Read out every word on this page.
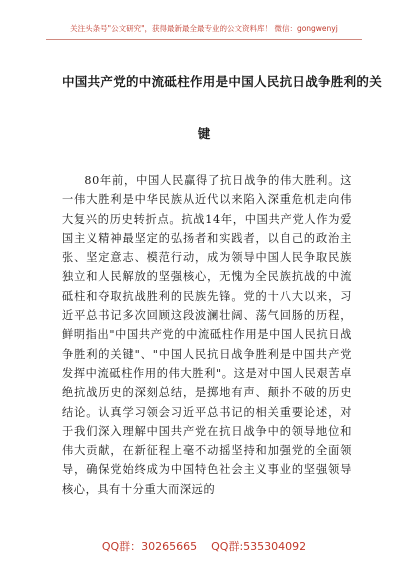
关注头条号"公文研究"，获得最新最全最专业的公文资料库！ 微信：gongwenyj
中国共产党的中流砥柱作用是中国人民抗日战争胜利的关
键

80年前，中国人民赢得了抗日战争的伟大胜利。这一伟大胜利是中华民族从近代以来陷入深重危机走向伟大复兴的历史转折点。抗战14年，中国共产党人作为爱国主义精神最坚定的弘扬者和实践者，以自己的政治主张、坚定意志、模范行动，成为领导中国人民争取民族独立和人民解放的坚强核心，无愧为全民族抗战的中流砥柱和夺取抗战胜利的民族先锋。党的十八大以来，习近平总书记多次回顾这段波澜壮阔、荡气回肠的历程，鲜明指出"中国共产党的中流砥柱作用是中国人民抗日战争胜利的关键"、"中国人民抗日战争胜利是中国共产党发挥中流砥柱作用的伟大胜利"。这是对中国人民艰苦卓绝抗战历史的深刻总结，是掷地有声、颠扑不破的历史结论。认真学习领会习近平总书记的相关重要论述，对于我们深入理解中国共产党在抗日战争中的领导地位和伟大贡献，在新征程上毫不动摇坚持和加强党的全面领导，确保党始终成为中国特色社会主义事业的坚强领导核心，具有十分重大而深远的

QQ群：30265665 QQ群:535304092
